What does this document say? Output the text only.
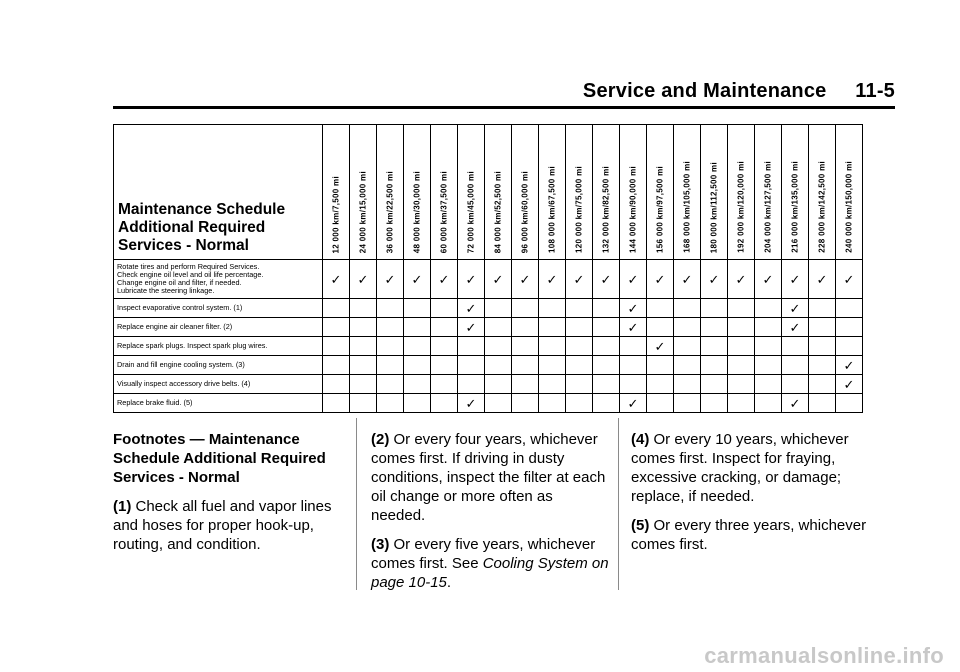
Service and Maintenance     11-5
Maintenance Schedule
Additional Required
Services - Normal	12 000 km/7,500 mi	24 000 km/15,000 mi	36 000 km/22,500 mi	48 000 km/30,000 mi	60 000 km/37,500 mi	72 000 km/45,000 mi	84 000 km/52,500 mi	96 000 km/60,000 mi	108 000 km/67,500 mi	120 000 km/75,000 mi	132 000 km/82,500 mi	144 000 km/90,000 mi	156 000 km/97,500 mi	168 000 km/105,000 mi	180 000 km/112,500 mi	192 000 km/120,000 mi	204 000 km/127,500 mi	216 000 km/135,000 mi	228 000 km/142,500 mi	240 000 km/150,000 mi

Rotate tires and perform Required Services.
Check engine oil level and oil life percentage.
Change engine oil and filter, if needed.
Lubricate the steering linkage.	✓	✓	✓	✓	✓	✓	✓	✓	✓	✓	✓	✓	✓	✓	✓	✓	✓	✓	✓	✓

Inspect evaporative control system. (1)						✓						✓						✓		

Replace engine air cleaner filter. (2)						✓						✓						✓		

Replace spark plugs. Inspect spark plug wires.													✓							

Drain and fill engine cooling system. (3)																				✓

Visually inspect accessory drive belts. (4)																				✓

Replace brake fluid. (5)						✓						✓						✓		

Footnotes — Maintenance
Schedule Additional Required
Services - Normal

(1) Check all fuel and vapor lines and hoses for proper hook-up, routing, and condition.

(2) Or every four years, whichever comes first. If driving in dusty conditions, inspect the filter at each oil change or more often as needed.

(3) Or every five years, whichever comes first. See Cooling System on page 10-15.

(4) Or every 10 years, whichever comes first. Inspect for fraying, excessive cracking, or damage; replace, if needed.

(5) Or every three years, whichever comes first.

carmanualsonline.info
